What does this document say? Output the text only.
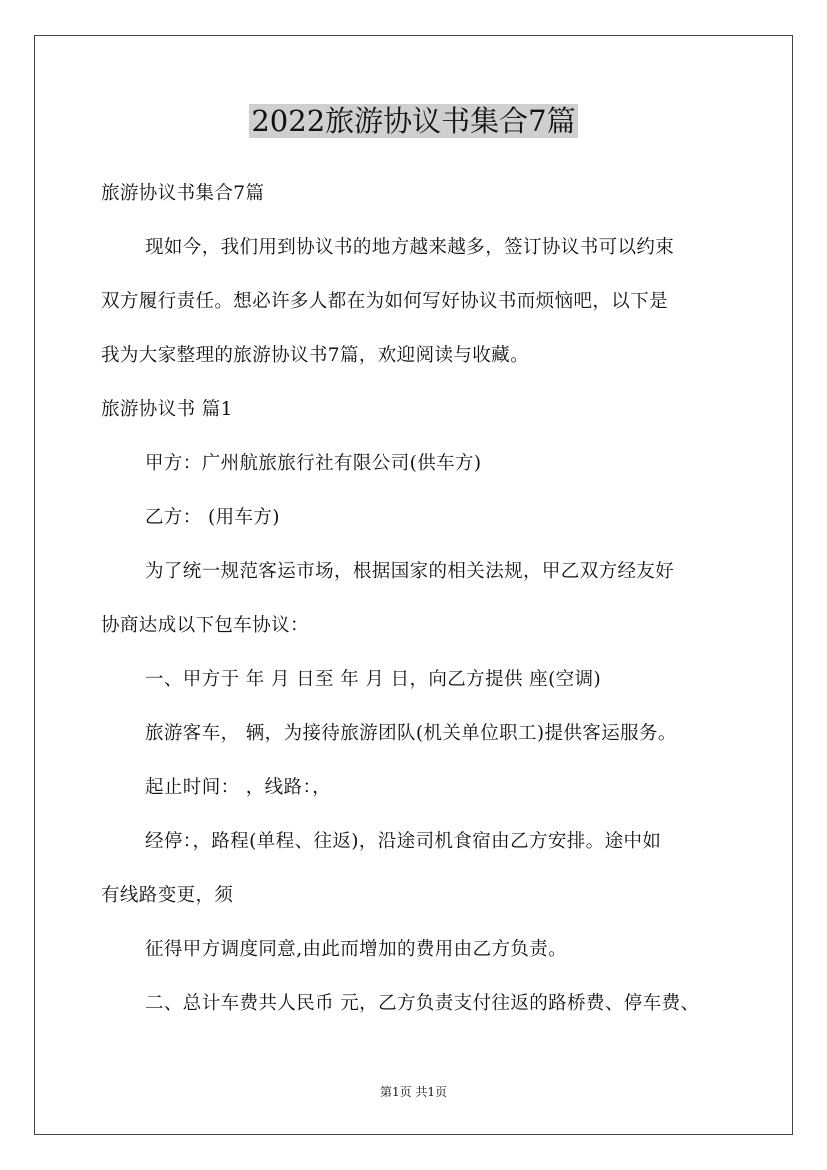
2022旅游协议书集合7篇

旅游协议书集合7篇

现如今，我们用到协议书的地方越来越多，签订协议书可以约束

双方履行责任。想必许多人都在为如何写好协议书而烦恼吧，以下是

我为大家整理的旅游协议书7篇，欢迎阅读与收藏。

旅游协议书 篇1

甲方：广州航旅旅行社有限公司(供车方)

乙方： (用车方)

为了统一规范客运市场，根据国家的相关法规，甲乙双方经友好

协商达成以下包车协议：

一、甲方于 年 月 日至 年 月 日，向乙方提供 座(空调)

旅游客车， 辆，为接待旅游团队(机关单位职工)提供客运服务。

起止时间： ，线路：，

经停：，路程(单程、往返)，沿途司机食宿由乙方安排。途中如

有线路变更，须

征得甲方调度同意,由此而增加的费用由乙方负责。

二、总计车费共人民币 元，乙方负责支付往返的路桥费、停车费、

第1页 共1页
